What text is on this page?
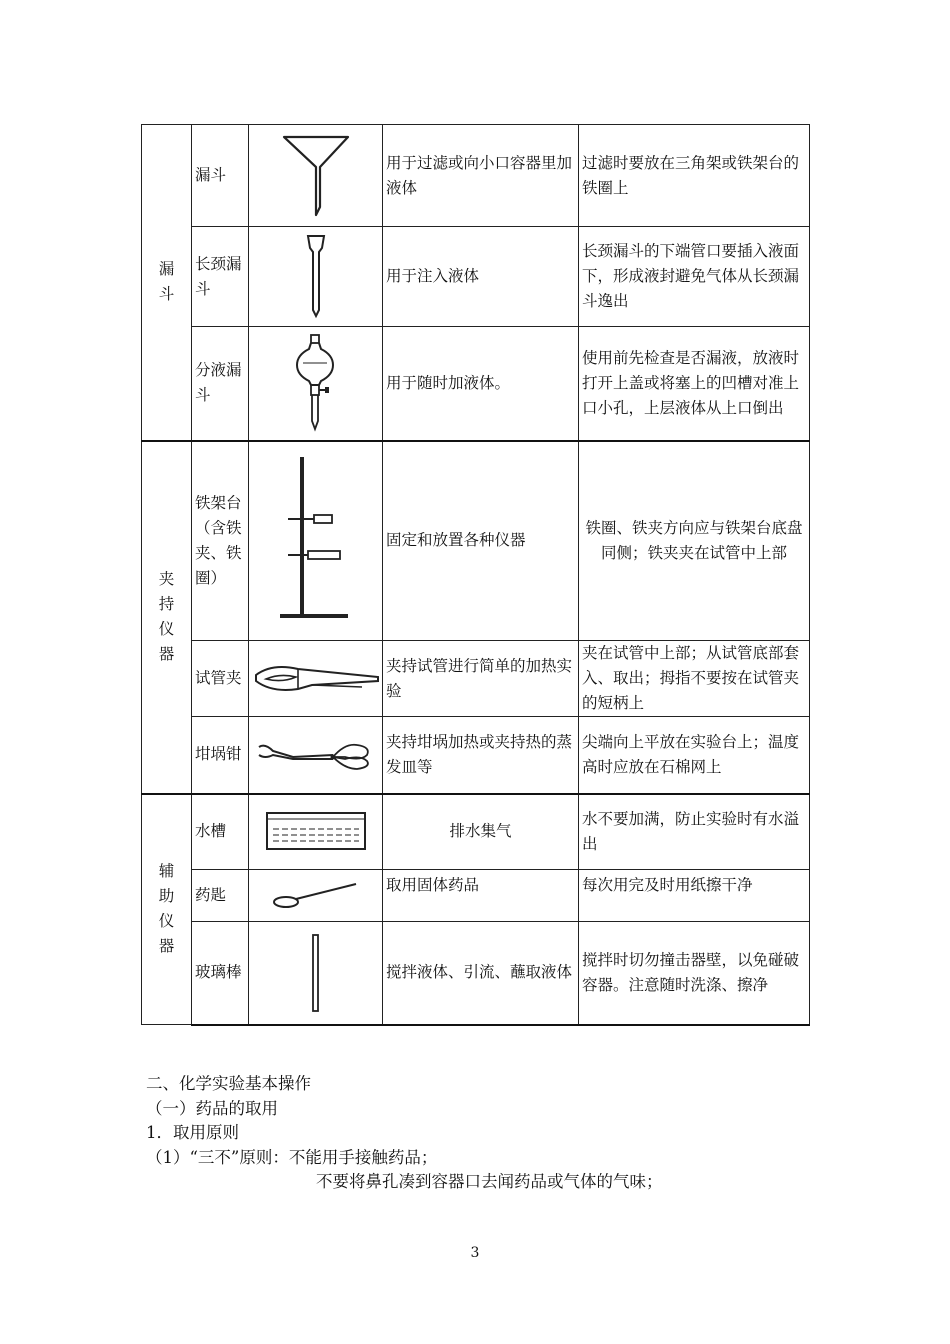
漏斗	漏斗		用于过滤或向小口容器里加液体	过滤时要放在三角架或铁架台的铁圈上
	长颈漏斗		用于注入液体	长颈漏斗的下端管口要插入液面下，形成液封避免气体从长颈漏斗逸出
	分液漏斗		用于随时加液体。	使用前先检查是否漏液，放液时打开上盖或将塞上的凹槽对准上口小孔，上层液体从上口倒出
夹持仪器	铁架台（含铁夹、铁圈）		固定和放置各种仪器	铁圈、铁夹方向应与铁架台底盘同侧；铁夹夹在试管中上部
	试管夹		夹持试管进行简单的加热实验	夹在试管中上部；从试管底部套入、取出；拇指不要按在试管夹的短柄上
	坩埚钳		夹持坩埚加热或夹持热的蒸发皿等	尖端向上平放在实验台上；温度高时应放在石棉网上
辅助仪器	水槽		排水集气	水不要加满，防止实验时有水溢出
	药匙		取用固体药品	每次用完及时用纸擦干净
	玻璃棒		搅拌液体、引流、蘸取液体	搅拌时切勿撞击器壁，以免碰破容器。注意随时洗涤、擦净
二、化学实验基本操作
（一）药品的取用
1．取用原则
（1）“三不”原则：不能用手接触药品；
不要将鼻孔凑到容器口去闻药品或气体的气味；
3
